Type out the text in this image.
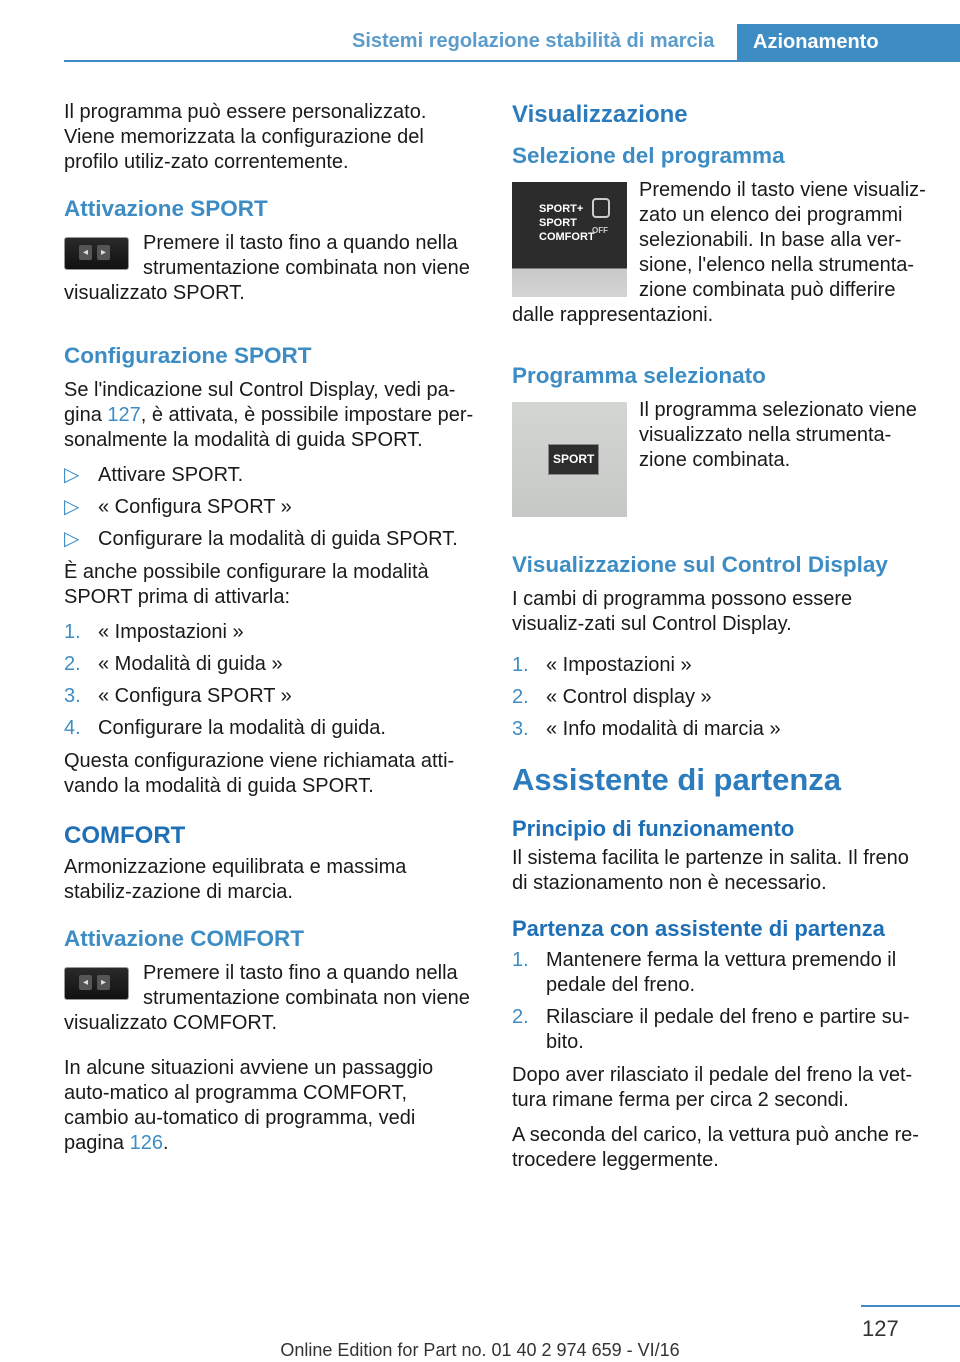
Sistemi regolazione stabilità di marcia	Azionamento

Il programma può essere personalizzato. Viene memorizzata la configurazione del profilo utiliz-zato correntemente.

Attivazione SPORT
◂	▸	Premere il tasto fino a quando nella strumentazione combinata non viene visualizzato SPORT.

Configurazione SPORT

Se l'indicazione sul Control Display, vedi pa-gina 127, è attivata, è possibile impostare per-sonalmente la modalità di guida SPORT.

▷ Attivare SPORT.
▷ « Configura SPORT »
▷ Configurare la modalità di guida SPORT.

È anche possibile configurare la modalità SPORT prima di attivarla:

1. « Impostazioni »
2. « Modalità di guida »
3. « Configura SPORT »
4. Configurare la modalità di guida.

Questa configurazione viene richiamata atti-vando la modalità di guida SPORT.

COMFORT

Armonizzazione equilibrata e massima stabiliz-zazione di marcia.

Attivazione COMFORT
◂	▸	Premere il tasto fino a quando nella strumentazione combinata non viene visualizzato COMFORT.

In alcune situazioni avviene un passaggio auto-matico al programma COMFORT, cambio au-tomatico di programma, vedi pagina 126.

Visualizzazione
Selezione del programma
SPORT+
SPORT
COMFORT
OFF

Premendo il tasto viene visualiz-zato un elenco dei programmi selezionabili. In base alla ver-sione, l'elenco nella strumenta-zione combinata può differire dalle rappresentazioni.

Programma selezionato
SPORT

Il programma selezionato viene visualizzato nella strumenta-zione combinata.

Visualizzazione sul Control Display

I cambi di programma possono essere visualiz-zati sul Control Display.

1. « Impostazioni »
2. « Control display »
3. « Info modalità di marcia »
Assistente di partenza
Principio di funzionamento

Il sistema facilita le partenze in salita. Il freno di stazionamento non è necessario.

Partenza con assistente di partenza
1. Mantenere ferma la vettura premendo il pedale del freno.
2. Rilasciare il pedale del freno e partire su-bito.

Dopo aver rilasciato il pedale del freno la vet-tura rimane ferma per circa 2 secondi.

A seconda del carico, la vettura può anche re-trocedere leggermente.

127
Online Edition for Part no. 01 40 2 974 659 - VI/16
